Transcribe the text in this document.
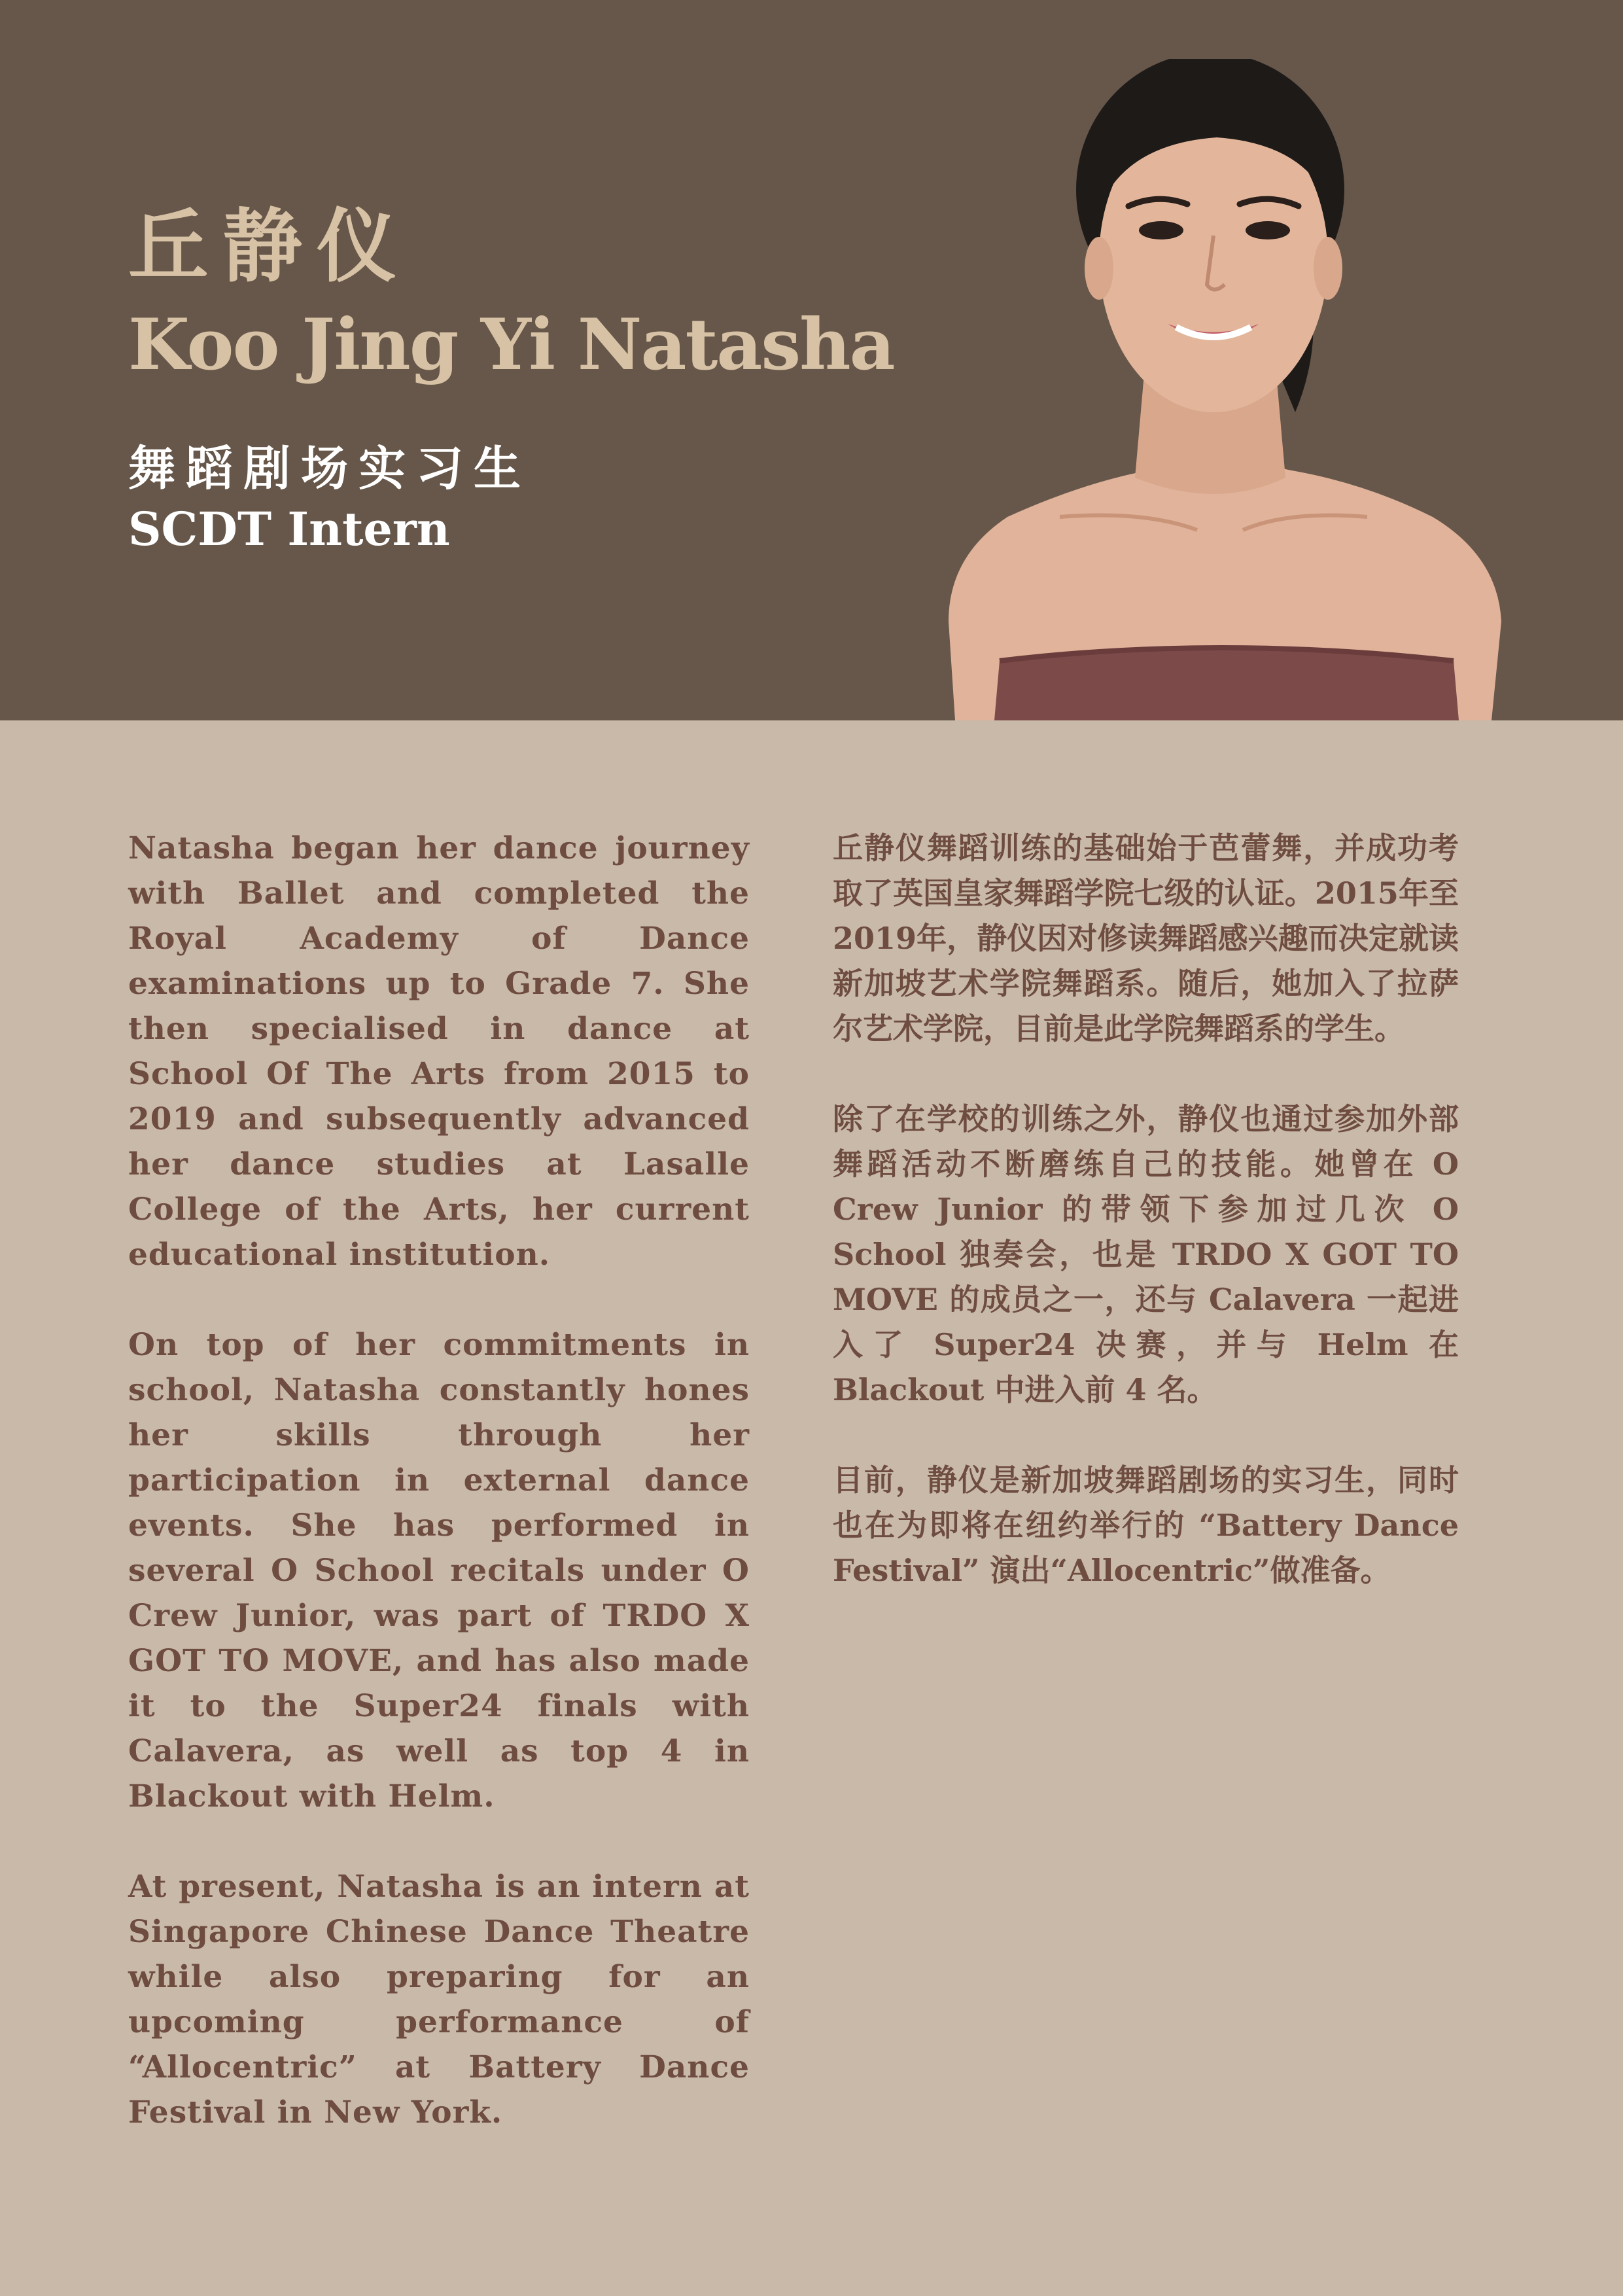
丘静仪
Koo Jing Yi Natasha
舞蹈剧场实习生
SCDT Intern

Natasha began her dance journey with Ballet and completed the Royal Academy of Dance examinations up to Grade 7. She then specialised in dance at School Of The Arts from 2015 to 2019 and subsequently advanced her dance studies at Lasalle College of the Arts, her current educational institution.

On top of her commitments in school, Natasha constantly hones her skills through her participation in external dance events. She has performed in several O School recitals under O Crew Junior, was part of TRDO X GOT TO MOVE, and has also made it to the Super24 finals with Calavera, as well as top 4 in Blackout with Helm.

At present, Natasha is an intern at Singapore Chinese Dance Theatre while also preparing for an upcoming performance of “Allocentric” at Battery Dance Festival in New York.

丘静仪舞蹈训练的基础始于芭蕾舞，并成功考取了英国皇家舞蹈学院七级的认证。2015年至2019年，静仪因对修读舞蹈感兴趣而决定就读新加坡艺术学院舞蹈系。随后，她加入了拉萨尔艺术学院，目前是此学院舞蹈系的学生。

除了在学校的训练之外，静仪也通过参加外部舞蹈活动不断磨练自己的技能。她曾在 O Crew Junior 的带领下参加过几次 O School 独奏会，也是 TRDO X GOT TO MOVE 的成员之一，还与 Calavera 一起进入了 Super24 决赛，并与 Helm 在 Blackout 中进入前 4 名。

目前，静仪是新加坡舞蹈剧场的实习生，同时也在为即将在纽约举行的 “Battery Dance Festival” 演出“Allocentric”做准备。
